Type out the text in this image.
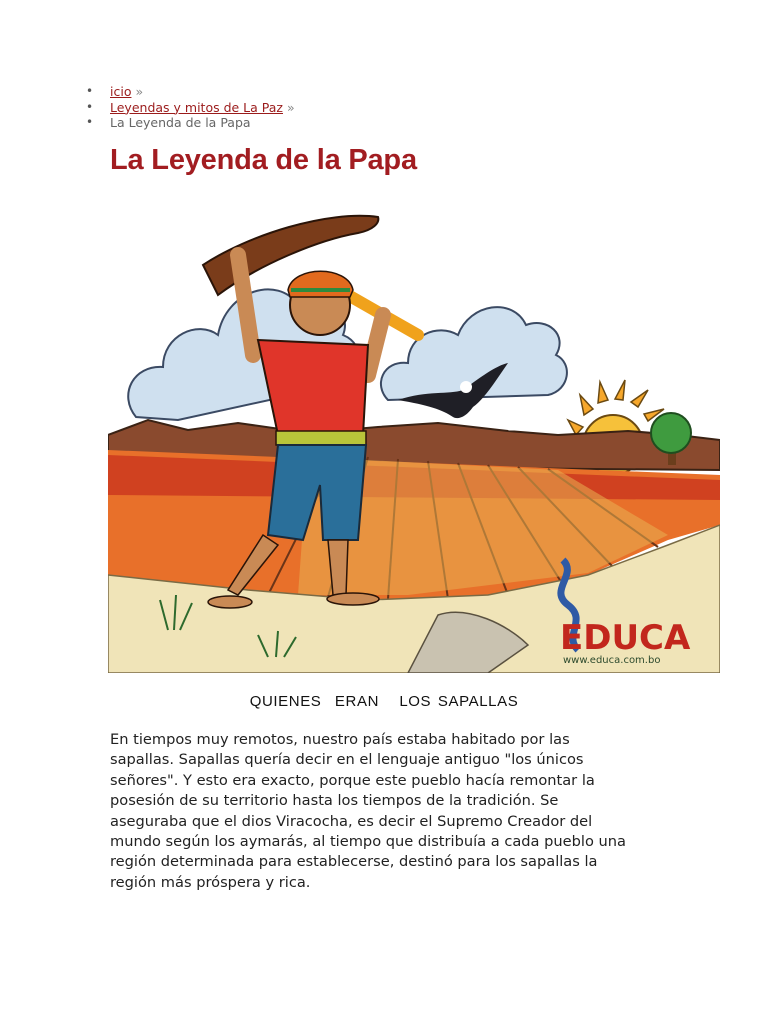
• icio »
• Leyendas y mitos de La Paz »
• La Leyenda de la Papa
La Leyenda de la Papa
EDUCA
www.educa.com.bo
QUIENES  ERAN   LOS SAPALLAS

En tiempos muy remotos, nuestro país estaba habitado por las
sapallas. Sapallas quería decir en el lenguaje antiguo "los únicos
señores". Y esto era exacto, porque este pueblo hacía remontar la
posesión de su territorio hasta los tiempos de la tradición. Se
aseguraba que el dios Viracocha, es decir el Supremo Creador del
mundo según los aymarás, al tiempo que distribuía a cada pueblo una
región determinada para establecerse, destinó para los sapallas la
región más próspera y rica.
